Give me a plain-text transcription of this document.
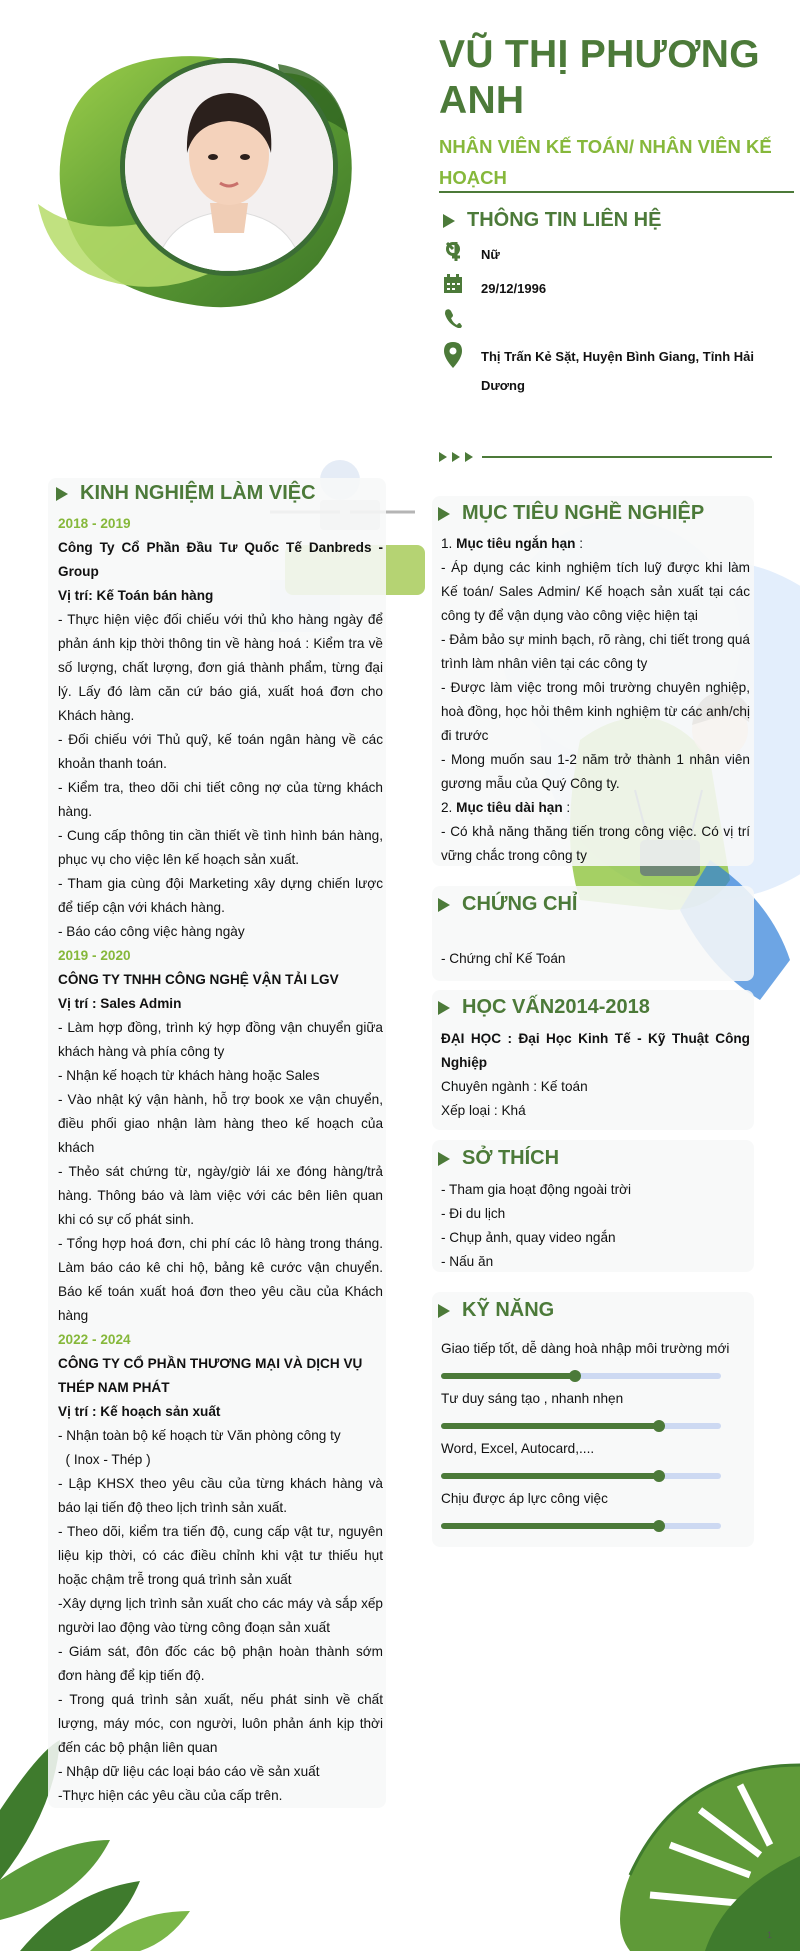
VŨ THỊ PHƯƠNG ANH
NHÂN VIÊN KẾ TOÁN/ NHÂN VIÊN KẾ HOẠCH
THÔNG TIN LIÊN HỆ
Nữ
29/12/1996
Thị Trấn Kẻ Sặt, Huyện Bình Giang, Tỉnh Hải Dương
KINH NGHIỆM LÀM VIỆC

2018 - 2019

Công Ty Cổ Phần Đầu Tư Quốc Tế Danbreds - Group

Vị trí: Kế Toán bán hàng

- Thực hiện việc đối chiếu với thủ kho hàng ngày để phản ánh kịp thời thông tin về hàng hoá : Kiểm tra về số lượng, chất lượng, đơn giá thành phẩm, từng đại lý. Lấy đó làm căn cứ báo giá, xuất hoá đơn cho Khách hàng.

- Đối chiếu với Thủ quỹ, kế toán ngân hàng về các khoản thanh toán.

- Kiểm tra, theo dõi chi tiết công nợ của từng khách hàng.

- Cung cấp thông tin cần thiết về tình hình bán hàng, phục vụ cho việc lên kế hoạch sản xuất.

- Tham gia cùng đội Marketing xây dựng chiến lược để tiếp cận với khách hàng.

- Báo cáo công việc hàng ngày

2019 - 2020

CÔNG TY TNHH CÔNG NGHỆ VẬN TẢI LGV

Vị trí : Sales Admin

- Làm hợp đồng, trình ký hợp đồng vận chuyển giữa khách hàng và phía công ty

- Nhận kế hoạch từ khách hàng hoặc Sales

- Vào nhật ký vận hành, hỗ trợ book xe vận chuyển, điều phối giao nhận làm hàng theo kế hoạch của khách

- Thẻo sát chứng từ, ngày/giờ lái xe đóng hàng/trả hàng. Thông báo và làm việc với các bên liên quan khi có sự cố phát sinh.

- Tổng hợp hoá đơn, chi phí các lô hàng trong tháng. Làm báo cáo kê chi hộ, bảng kê cước vận chuyển. Báo kế toán xuất hoá đơn theo yêu cầu của Khách hàng

2022 - 2024

CÔNG TY CỔ PHẦN THƯƠNG MẠI VÀ DỊCH VỤ THÉP NAM PHÁT

Vị trí : Kế hoạch sản xuất

- Nhận toàn bộ kế hoạch từ Văn phòng công ty

( Inox - Thép )

- Lập KHSX theo yêu cầu của từng khách hàng và báo lại tiến độ theo lịch trình sản xuất.

- Theo dõi, kiểm tra tiến độ, cung cấp vật tư, nguyên liệu kịp thời, có các điều chỉnh khi vật tư thiếu hụt hoặc chậm trễ trong quá trình sản xuất

-Xây dựng lịch trình sản xuất cho các máy và sắp xếp người lao động vào từng công đoạn sản xuất

- Giám sát, đôn đốc các bộ phận hoàn thành sớm đơn hàng để kịp tiến độ.

- Trong quá trình sản xuất, nếu phát sinh về chất lượng, máy móc, con người, luôn phản ánh kịp thời đến các bộ phận liên quan

- Nhập dữ liệu các loại báo cáo về sản xuất

-Thực hiện các yêu cầu của cấp trên.

MỤC TIÊU NGHỀ NGHIỆP

1. Mục tiêu ngắn hạn :

- Áp dụng các kinh nghiệm tích luỹ được khi làm Kế toán/ Sales Admin/ Kế hoạch sản xuất tại các công ty để vận dụng vào công việc hiện tại

- Đảm bảo sự minh bạch, rõ ràng, chi tiết trong quá trình làm nhân viên tại các công ty

- Được làm việc trong môi trường chuyên nghiệp, hoà đồng, học hỏi thêm kinh nghiệm từ các anh/chị đi trước

- Mong muốn sau 1-2 năm trở thành 1 nhân viên gương mẫu của Quý Công ty.

2. Mục tiêu dài hạn :

- Có khả năng thăng tiến trong công việc. Có vị trí vững chắc trong công ty

CHỨNG CHỈ

- Chứng chỉ Kế Toán

HỌC VẤN2014-2018

ĐẠI HỌC : Đại Học Kinh Tế - Kỹ Thuật Công Nghiệp

Chuyên ngành : Kế toán

Xếp loại : Khá

SỞ THÍCH

- Tham gia hoạt động ngoài trời

- Đi du lịch

- Chụp ảnh, quay video ngắn

- Nấu ăn

KỸ NĂNG
Giao tiếp tốt, dễ dàng hoà nhập môi trường mới
Tư duy sáng tạo , nhanh nhẹn
Word, Excel, Autocard,....
Chịu được áp lực công việc
1
